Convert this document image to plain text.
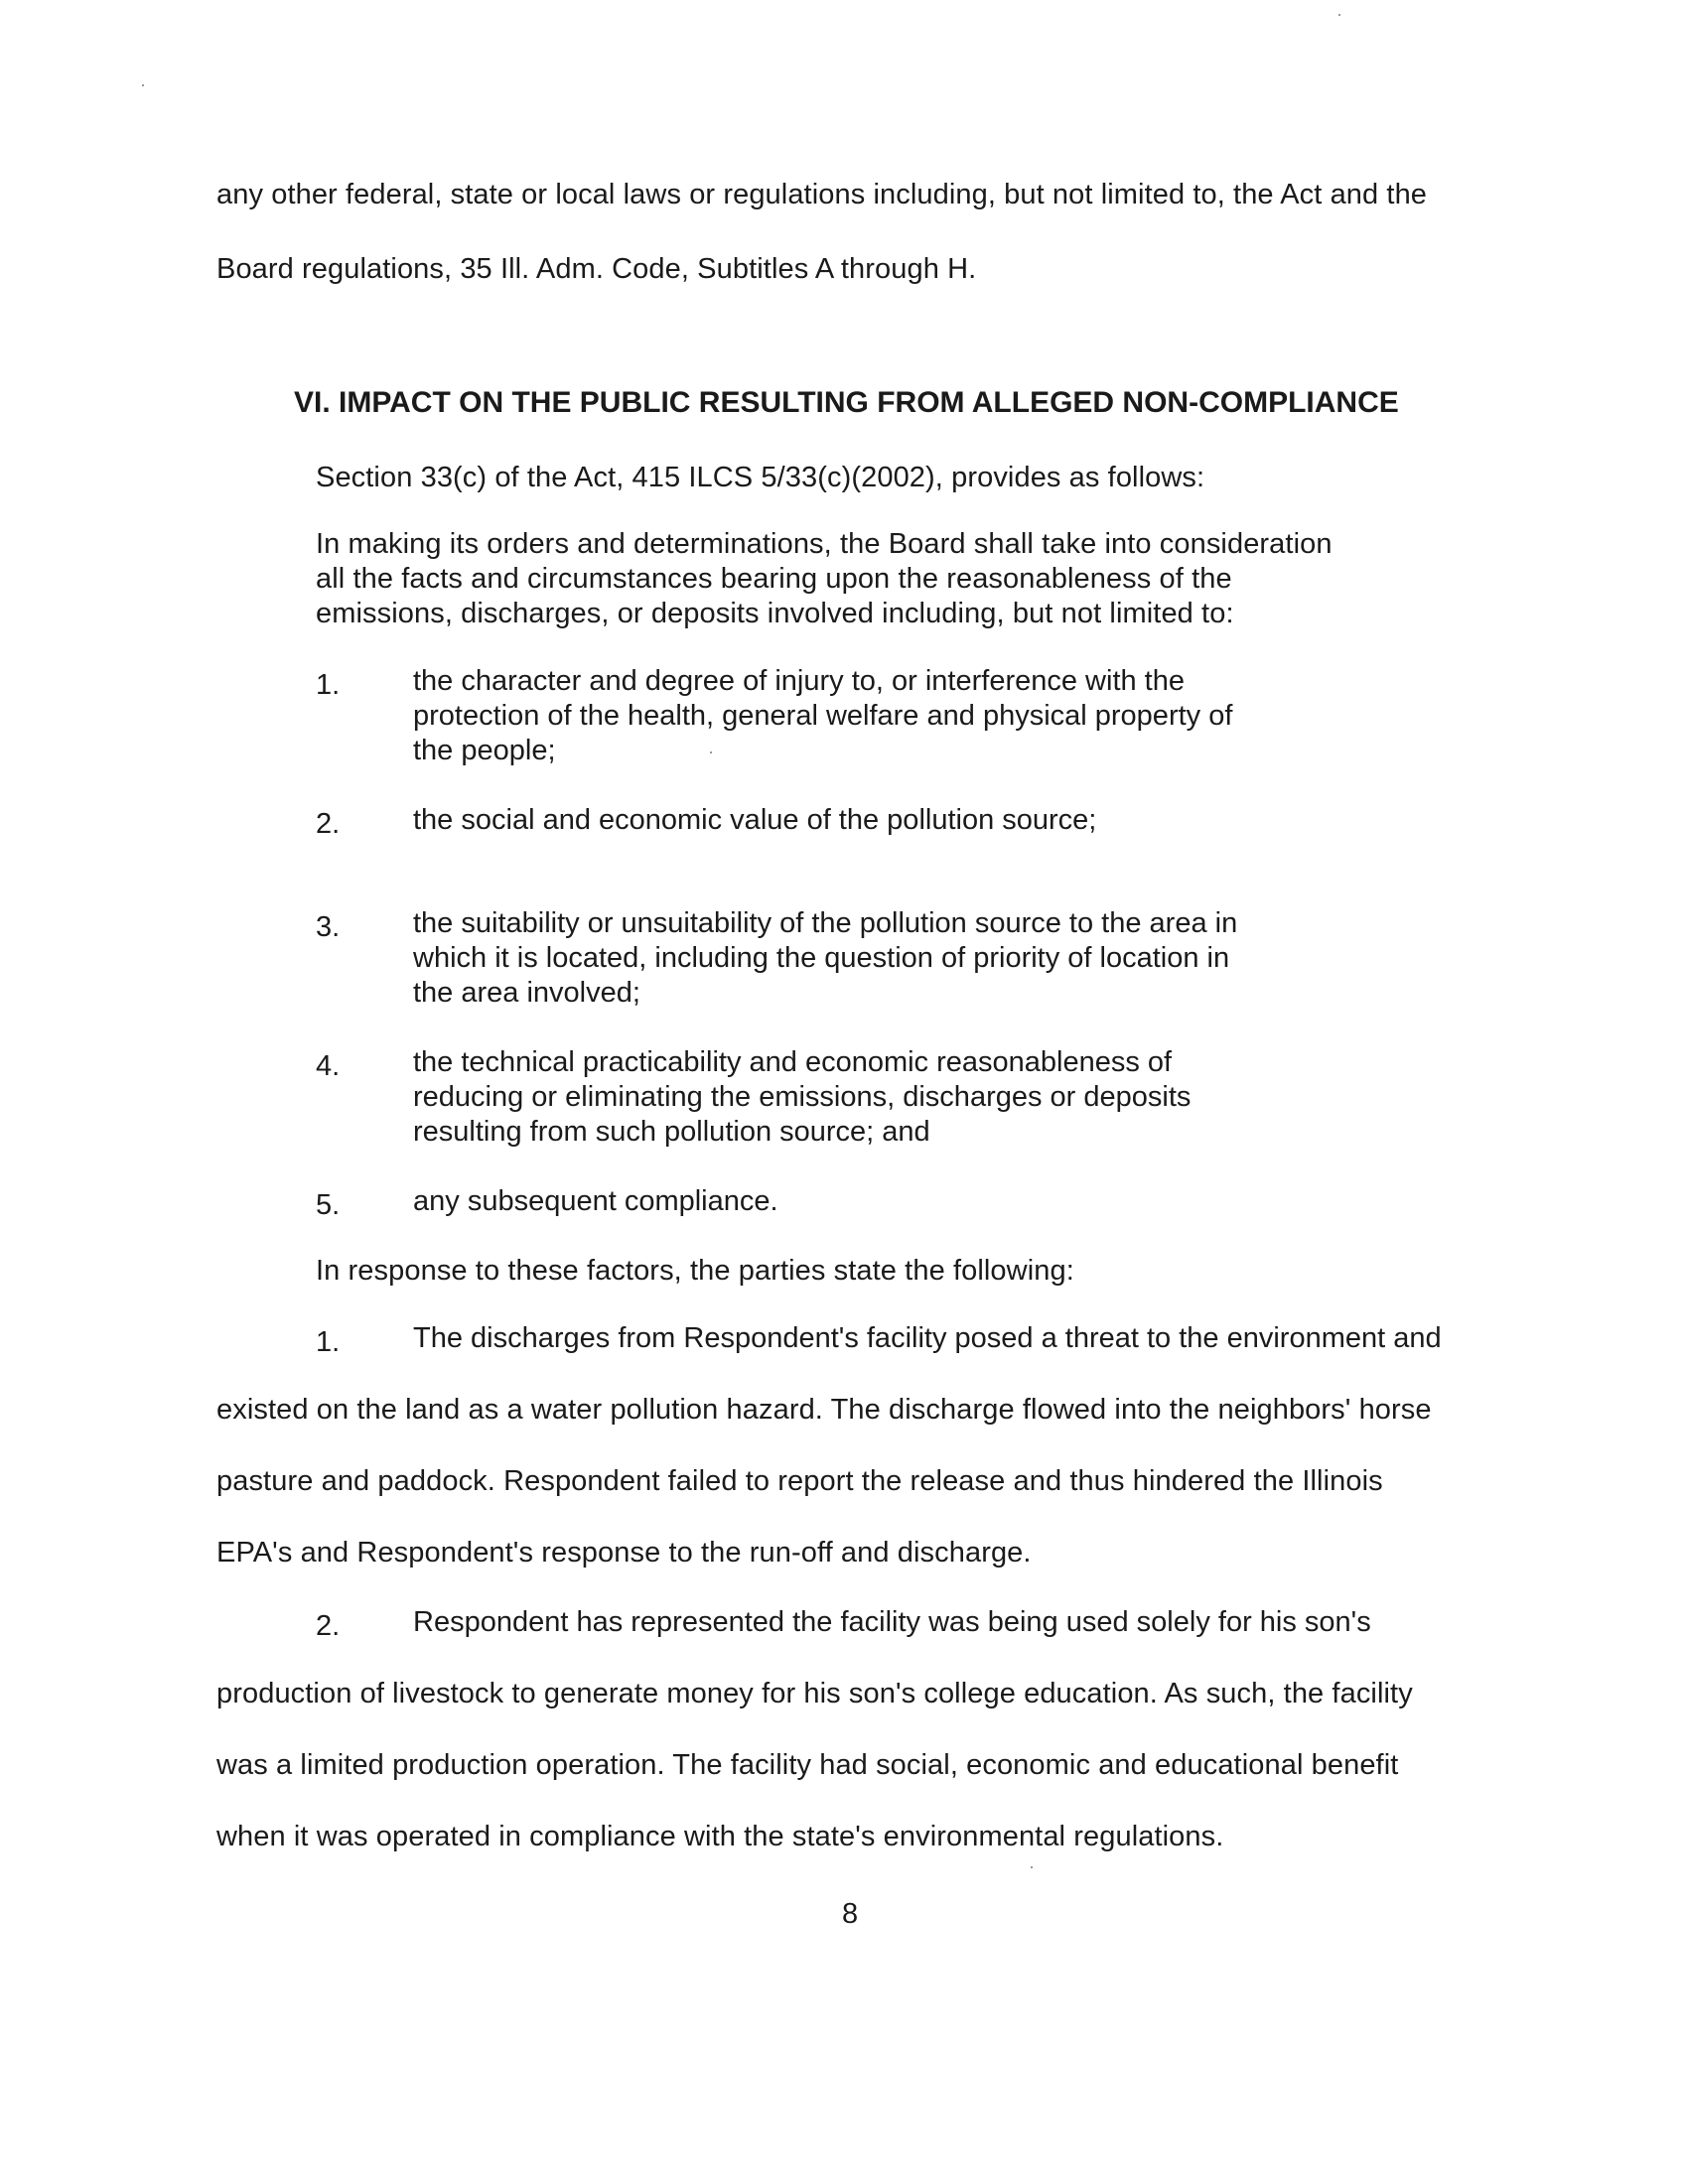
any other federal, state or local laws or regulations including, but not limited to, the Act and the
Board regulations, 35 Ill. Adm. Code, Subtitles A through H.
VI. IMPACT ON THE PUBLIC RESULTING FROM ALLEGED NON-COMPLIANCE
Section 33(c) of the Act, 415 ILCS 5/33(c)(2002), provides as follows:
In making its orders and determinations, the Board shall take into consideration
all the facts and circumstances bearing upon the reasonableness of the
emissions, discharges, or deposits involved including, but not limited to:
1.	the character and degree of injury to, or interference with the
protection of the health, general welfare and physical property of
the people;
2.	the social and economic value of the pollution source;
3.	the suitability or unsuitability of the pollution source to the area in
which it is located, including the question of priority of location in
the area involved;
4.	the technical practicability and economic reasonableness of
reducing or eliminating the emissions, discharges or deposits
resulting from such pollution source; and
5.	any subsequent compliance.
In response to these factors, the parties state the following:
1.	The discharges from Respondent's facility posed a threat to the environment and
existed on the land as a water pollution hazard. The discharge flowed into the neighbors' horse
pasture and paddock. Respondent failed to report the release and thus hindered the Illinois
EPA's and Respondent's response to the run-off and discharge.
2.	Respondent has represented the facility was being used solely for his son's
production of livestock to generate money for his son's college education. As such, the facility
was a limited production operation. The facility had social, economic and educational benefit
when it was operated in compliance with the state's environmental regulations.
8
